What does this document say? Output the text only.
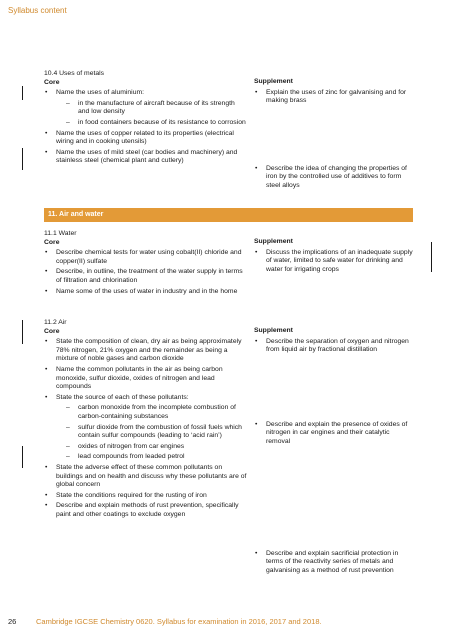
Syllabus content
10.4 Uses of metals
Core
• Name the uses of aluminium:
– in the manufacture of aircraft because of its strength and low density
– in food containers because of its resistance to corrosion
• Name the uses of copper related to its properties (electrical wiring and in cooking utensils)
• Name the uses of mild steel (car bodies and machinery) and stainless steel (chemical plant and cutlery)
Supplement
• Explain the uses of zinc for galvanising and for making brass
• Describe the idea of changing the properties of iron by the controlled use of additives to form steel alloys
11. Air and water
11.1 Water
Core
• Describe chemical tests for water using cobalt(II) chloride and copper(II) sulfate
• Describe, in outline, the treatment of the water supply in terms of filtration and chlorination
• Name some of the uses of water in industry and in the home
Supplement
• Discuss the implications of an inadequate supply of water, limited to safe water for drinking and water for irrigating crops
11.2 Air
Core
• State the composition of clean, dry air as being approximately 78% nitrogen, 21% oxygen and the remainder as being a mixture of noble gases and carbon dioxide
• Name the common pollutants in the air as being carbon monoxide, sulfur dioxide, oxides of nitrogen and lead compounds
• State the source of each of these pollutants:
– carbon monoxide from the incomplete combustion of carbon-containing substances
– sulfur dioxide from the combustion of fossil fuels which contain sulfur compounds (leading to ‘acid rain’)
– oxides of nitrogen from car engines
– lead compounds from leaded petrol
• State the adverse effect of these common pollutants on buildings and on health and discuss why these pollutants are of global concern
• State the conditions required for the rusting of iron
• Describe and explain methods of rust prevention, specifically paint and other coatings to exclude oxygen
Supplement
• Describe the separation of oxygen and nitrogen from liquid air by fractional distillation
• Describe and explain the presence of oxides of nitrogen in car engines and their catalytic removal
• Describe and explain sacrificial protection in terms of the reactivity series of metals and galvanising as a method of rust prevention
26	Cambridge IGCSE Chemistry 0620. Syllabus for examination in 2016, 2017 and 2018.
